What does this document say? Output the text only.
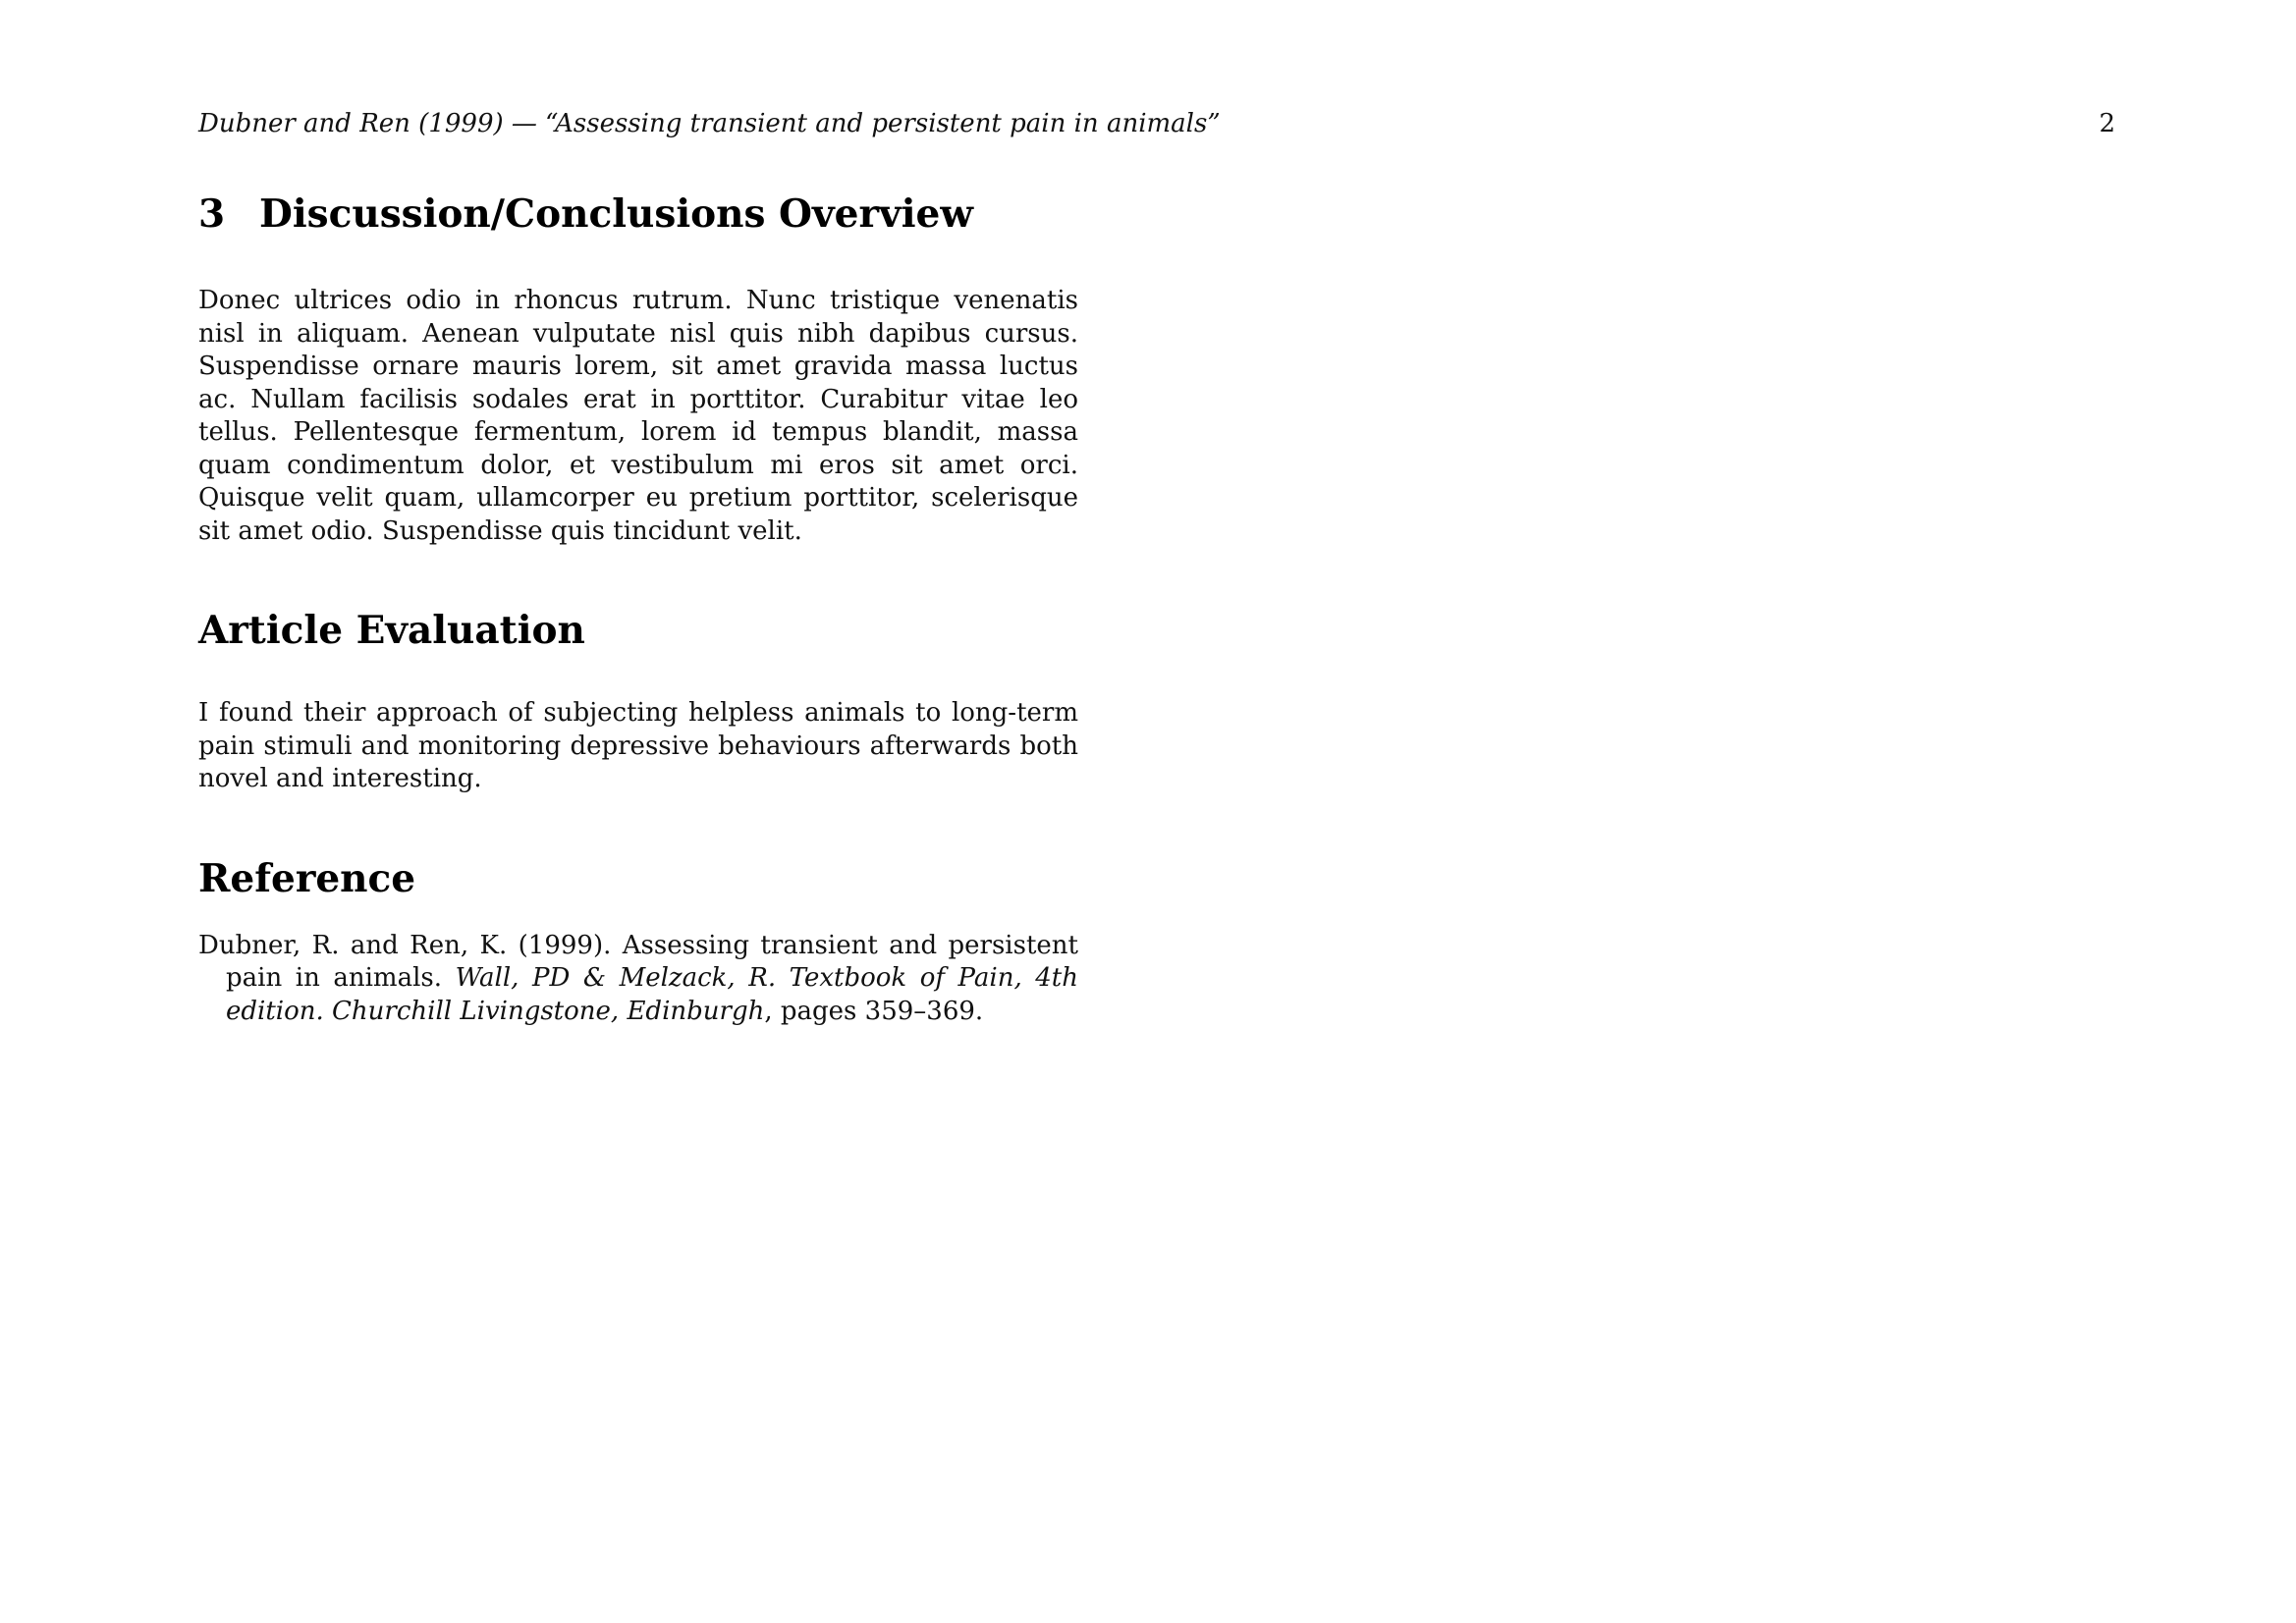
Dubner and Ren (1999) — “Assessing transient and persistent pain in animals”	2
3 Discussion/Conclusions Overview

Donec ultrices odio in rhoncus rutrum. Nunc tristique venenatis nisl in aliquam. Aenean vulputate nisl quis nibh dapibus cursus. Suspendisse ornare mauris lorem, sit amet gravida massa luctus ac. Nullam facilisis sodales erat in porttitor. Curabitur vitae leo tellus. Pellentesque fermentum, lorem id tempus blandit, massa quam condimentum dolor, et vestibulum mi eros sit amet orci. Quisque velit quam, ullamcorper eu pretium porttitor, scelerisque sit amet odio. Suspendisse quis tincidunt velit.

Article Evaluation

I found their approach of subjecting helpless animals to long-term pain stimuli and monitoring depressive behaviours afterwards both novel and interesting.

Reference

Dubner, R. and Ren, K. (1999). Assessing transient and persistent pain in animals. Wall, PD & Melzack, R. Textbook of Pain, 4th edition. Churchill Livingstone, Edinburgh, pages 359–369.
